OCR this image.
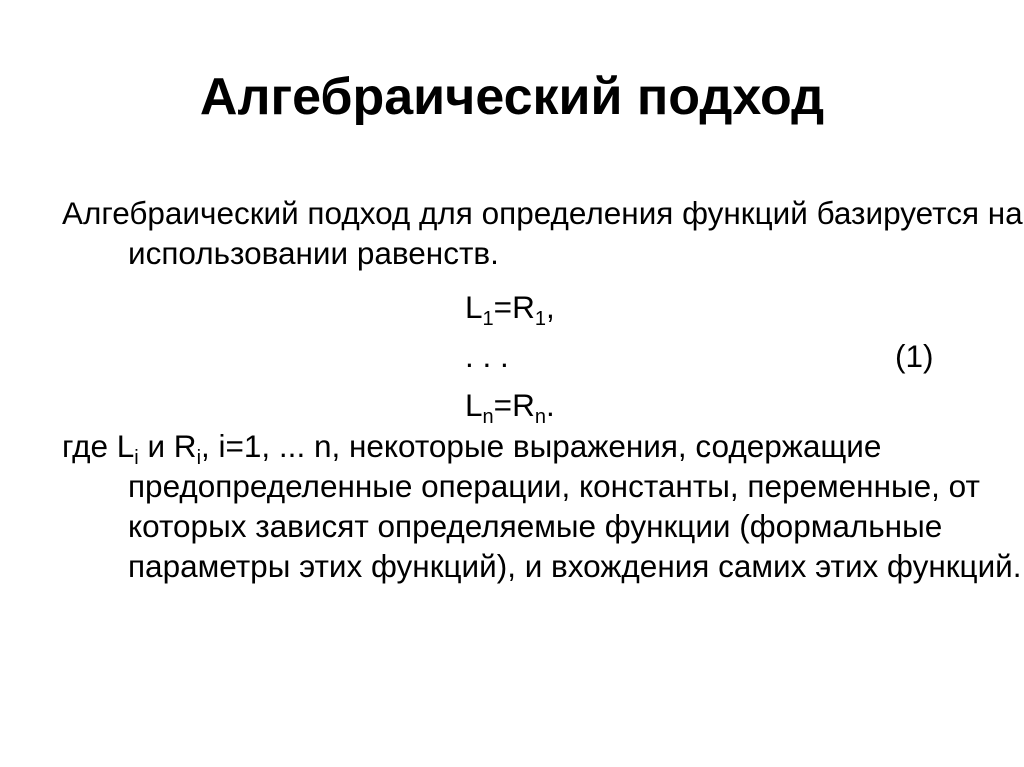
Алгебраический подход

Алгебраический подход для определения функций базируется на использовании равенств.

$L_1=R_1$,
. . .	(1)
$L_n=R_n$.

где $L_i$ и $R_i$, i=1, ... n, некоторые выражения, содержащие предопределенные операции, константы, переменные, от которых зависят определяемые функции (формальные параметры этих функций), и вхождения самих этих функций.
